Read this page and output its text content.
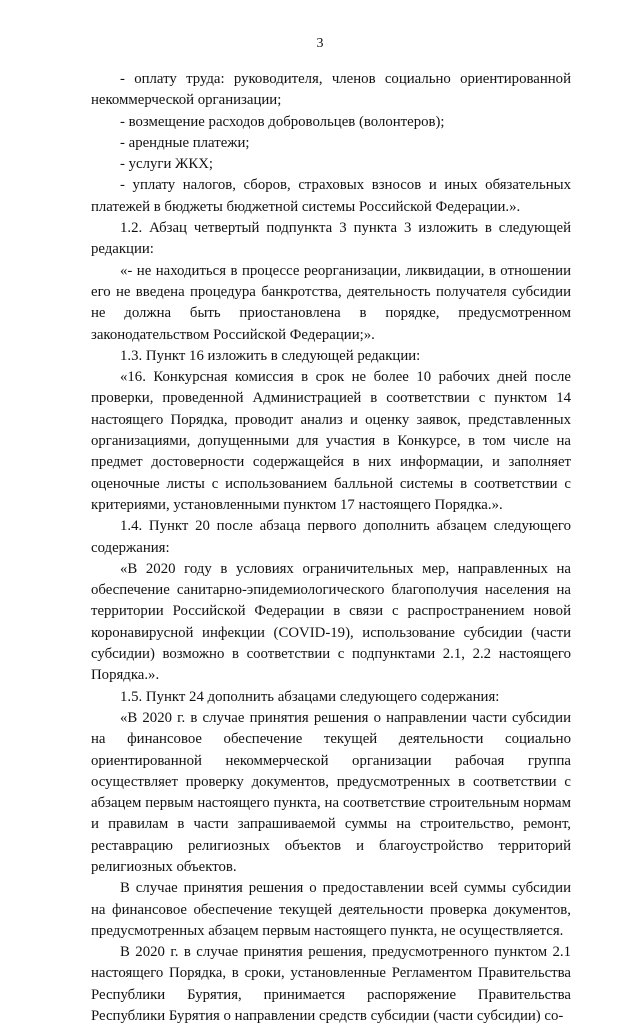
3

- оплату труда: руководителя, членов социально ориентированной некоммерческой организации;

- возмещение расходов добровольцев (волонтеров);

- арендные платежи;

- услуги ЖКХ;

- уплату налогов, сборов, страховых взносов и иных обязательных платежей в бюджеты бюджетной системы Российской Федерации.».

1.2. Абзац четвертый подпункта 3 пункта 3 изложить в следующей редакции:

«- не находиться в процессе реорганизации, ликвидации, в отношении его не введена процедура банкротства, деятельность получателя субсидии не должна быть приостановлена в порядке, предусмотренном законодательством Российской Федерации;».

1.3. Пункт 16 изложить в следующей редакции:

«16. Конкурсная комиссия в срок не более 10 рабочих дней после проверки, проведенной Администрацией в соответствии с пунктом 14 настоящего Порядка, проводит анализ и оценку заявок, представленных организациями, допущенными для участия в Конкурсе, в том числе на предмет достоверности содержащейся в них информации, и заполняет оценочные листы с использованием балльной системы в соответствии с критериями, установленными пунктом 17 настоящего Порядка.».

1.4. Пункт 20 после абзаца первого дополнить абзацем следующего содержания:

«В 2020 году в условиях ограничительных мер, направленных на обеспечение санитарно-эпидемиологического благополучия населения на территории Российской Федерации в связи с распространением новой коронавирусной инфекции (COVID-19), использование субсидии (части субсидии) возможно в соответствии с подпунктами 2.1, 2.2 настоящего Порядка.».

1.5. Пункт 24 дополнить абзацами следующего содержания:

«В 2020 г. в случае принятия решения о направлении части субсидии на финансовое обеспечение текущей деятельности социально ориентированной некоммерческой организации рабочая группа осуществляет проверку документов, предусмотренных в соответствии с абзацем первым настоящего пункта, на соответствие строительным нормам и правилам в части запрашиваемой суммы на строительство, ремонт, реставрацию религиозных объектов и благоустройство территорий религиозных объектов.

В случае принятия решения о предоставлении всей суммы субсидии на финансовое обеспечение текущей деятельности проверка документов, предусмотренных абзацем первым настоящего пункта, не осуществляется.

В 2020 г. в случае принятия решения, предусмотренного пунктом 2.1 настоящего Порядка, в сроки, установленные Регламентом Правительства Республики Бурятия, принимается распоряжение Правительства Республики Бурятия о направлении средств субсидии (части субсидии) со-
